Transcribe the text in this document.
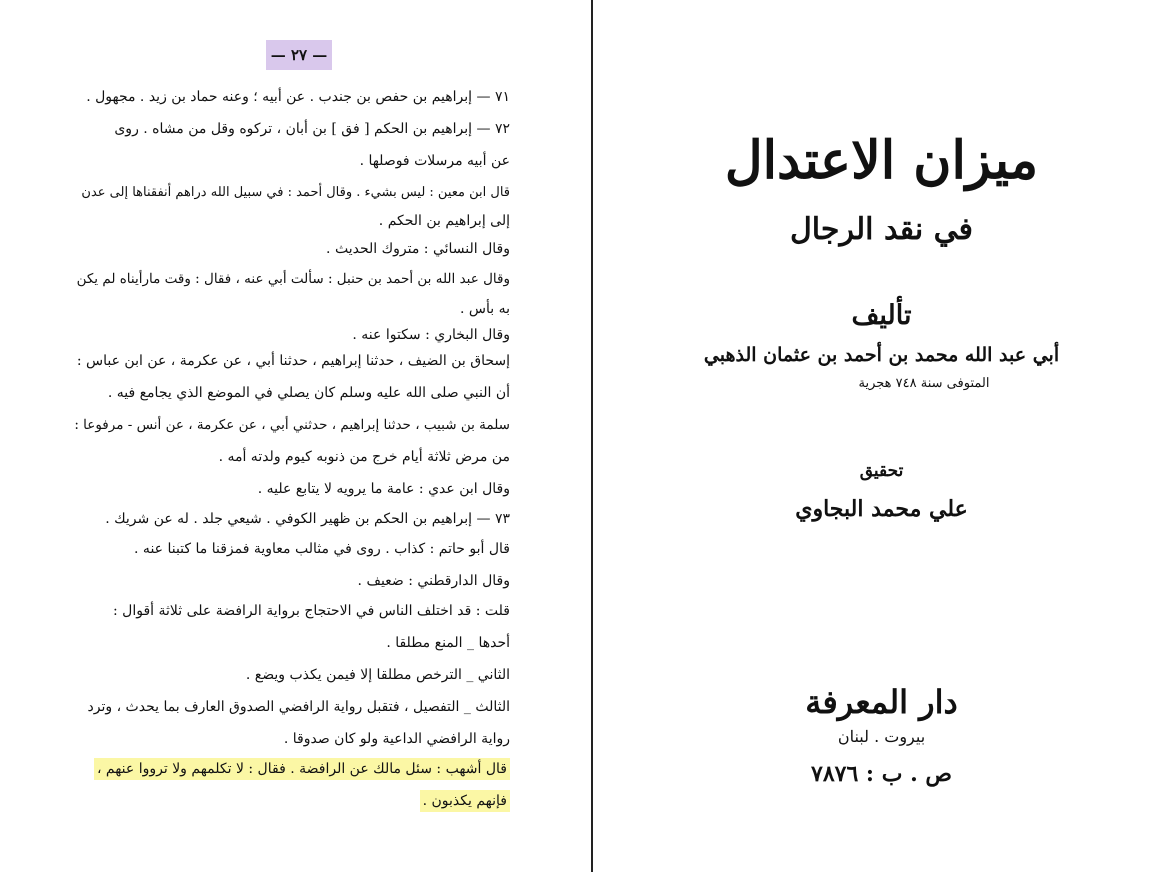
— ٢٧ —
٧١ — إبراهيم بن حفص بن جندب . عن أبيه ؛ وعنه حماد بن زيد . مجهول .
٧٢ — إبراهيم بن الحكم [ فق ] بن أبان ، تركوه وقل من مشاه . روى
عن أبيه مرسلات فوصلها .
قال ابن معين : ليس بشيء . وقال أحمد : في سبيل الله دراهم أنفقناها إلى عدن
إلى إبراهيم بن الحكم .
وقال النسائي : متروك الحديث .
وقال عبد الله بن أحمد بن حنبل : سألت أبي عنه ، فقال : وقت مارأيناه لم يكن
به بأس .
وقال البخاري : سكتوا عنه .
إسحاق بن الضيف ، حدثنا إبراهيم ، حدثنا أبي ، عن عكرمة ، عن ابن عباس :
أن النبي صلى الله عليه وسلم كان يصلي في الموضع الذي يجامع فيه .
سلمة بن شبيب ، حدثنا إبراهيم ، حدثني أبي ، عن عكرمة ، عن أنس - مرفوعا :
من مرض ثلاثة أيام خرج من ذنوبه كيوم ولدته أمه .
وقال ابن عدي : عامة ما يرويه لا يتابع عليه .
٧٣ — إبراهيم بن الحكم بن ظهير الكوفي . شيعي جلد . له عن شريك .
قال أبو حاتم : كذاب . روى في مثالب معاوية فمزقنا ما كتبنا عنه .
وقال الدارقطني : ضعيف .
قلت : قد اختلف الناس في الاحتجاج برواية الرافضة على ثلاثة أقوال :
أحدها _ المنع مطلقا .
الثاني _ الترخص مطلقا إلا فيمن يكذب ويضع .
الثالث _ التفصيل ، فتقبل رواية الرافضي الصدوق العارف بما يحدث ، وترد
رواية الرافضي الداعية ولو كان صدوقا .
قال أشهب : سئل مالك عن الرافضة . فقال : لا تكلمهم ولا ترووا عنهم ،
فإنهم يكذبون .
ميزان الاعتدال
في نقد الرجال
تأليف
أبي عبد الله محمد بن أحمد بن عثمان الذهبي
المتوفى سنة ٧٤٨ هجرية
تحقيق
علي محمد البجاوي
دار المعرفة
بيروت . لبنان
ص . ب : ٧٨٧٦
